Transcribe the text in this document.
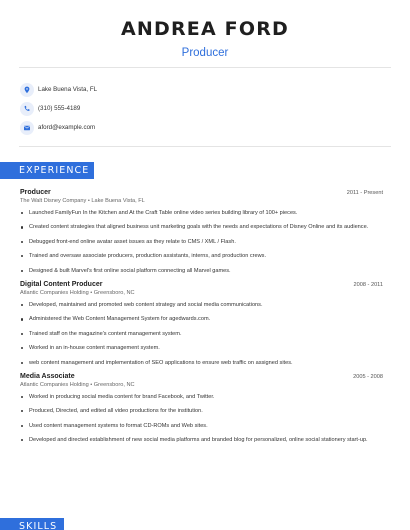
ANDREA FORD
Producer
Lake Buena Vista, FL
(310) 555-4189
aford@example.com
EXPERIENCE
Producer	2011 - Present
The Walt Disney Company • Lake Buena Vista, FL
Launched FamilyFun In the Kitchen and At the Craft Table online video series building library of 100+ pieces.
Created content strategies that aligned business unit marketing goals with the needs and expectations of Disney Online and its audience.
Debugged front-end online avatar asset issues as they relate to CMS / XML / Flash.
Trained and oversaw associate producers, production assistants, interns, and production crews.
Designed & built Marvel's first online social platform connecting all Marvel games.
Digital Content Producer	2008 - 2011
Atlantic Companies Holding • Greensboro, NC
Developed, maintained and promoted web content strategy and social media communications.
Administered the Web Content Management System for agedwards.com.
Trained staff on the magazine's content management system.
Worked in an in-house content management system.
web content management and implementation of SEO applications to ensure web traffic on assigned sites.
Media Associate	2005 - 2008
Atlantic Companies Holding • Greensboro, NC
Worked in producing social media content for brand Facebook, and Twitter.
Produced, Directed, and edited all video productions for the institution.
Used content management systems to format CD-ROMs and Web sites.
Developed and directed establishment of new social media platforms and branded blog for personalized, online social stationery start-up.
SKILLS
